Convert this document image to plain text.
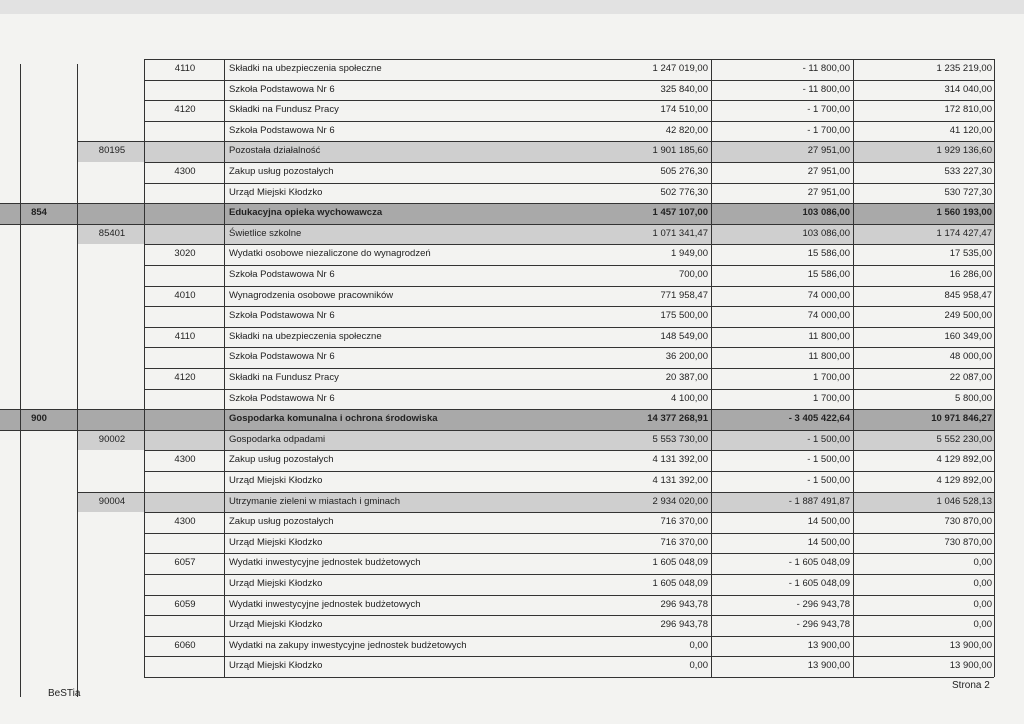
4110	Składki na ubezpieczenia społeczne	1 247 019,00	- 11 800,00	1 235 219,00
Szkoła Podstawowa Nr 6	325 840,00	- 11 800,00	314 040,00
4120	Składki na Fundusz Pracy	174 510,00	- 1 700,00	172 810,00
Szkoła Podstawowa Nr 6	42 820,00	- 1 700,00	41 120,00
80195	Pozostała działalność	1 901 185,60	27 951,00	1 929 136,60
4300	Zakup usług pozostałych	505 276,30	27 951,00	533 227,30
Urząd Miejski Kłodzko	502 776,30	27 951,00	530 727,30
854	Edukacyjna opieka wychowawcza	1 457 107,00	103 086,00	1 560 193,00
85401	Świetlice szkolne	1 071 341,47	103 086,00	1 174 427,47
3020	Wydatki osobowe niezaliczone do wynagrodzeń	1 949,00	15 586,00	17 535,00
Szkoła Podstawowa Nr 6	700,00	15 586,00	16 286,00
4010	Wynagrodzenia osobowe pracowników	771 958,47	74 000,00	845 958,47
Szkoła Podstawowa Nr 6	175 500,00	74 000,00	249 500,00
4110	Składki na ubezpieczenia społeczne	148 549,00	11 800,00	160 349,00
Szkoła Podstawowa Nr 6	36 200,00	11 800,00	48 000,00
4120	Składki na Fundusz Pracy	20 387,00	1 700,00	22 087,00
Szkoła Podstawowa Nr 6	4 100,00	1 700,00	5 800,00
900	Gospodarka komunalna i ochrona środowiska	14 377 268,91	- 3 405 422,64	10 971 846,27
90002	Gospodarka odpadami	5 553 730,00	- 1 500,00	5 552 230,00
4300	Zakup usług pozostałych	4 131 392,00	- 1 500,00	4 129 892,00
Urząd Miejski Kłodzko	4 131 392,00	- 1 500,00	4 129 892,00
90004	Utrzymanie zieleni w miastach i gminach	2 934 020,00	- 1 887 491,87	1 046 528,13
4300	Zakup usług pozostałych	716 370,00	14 500,00	730 870,00
Urząd Miejski Kłodzko	716 370,00	14 500,00	730 870,00
6057	Wydatki inwestycyjne jednostek budżetowych	1 605 048,09	- 1 605 048,09	0,00
Urząd Miejski Kłodzko	1 605 048,09	- 1 605 048,09	0,00
6059	Wydatki inwestycyjne jednostek budżetowych	296 943,78	- 296 943,78	0,00
Urząd Miejski Kłodzko	296 943,78	- 296 943,78	0,00
6060	Wydatki na zakupy inwestycyjne jednostek budżetowych	0,00	13 900,00	13 900,00
Urząd Miejski Kłodzko	0,00	13 900,00	13 900,00
BeSTia
Strona 2
